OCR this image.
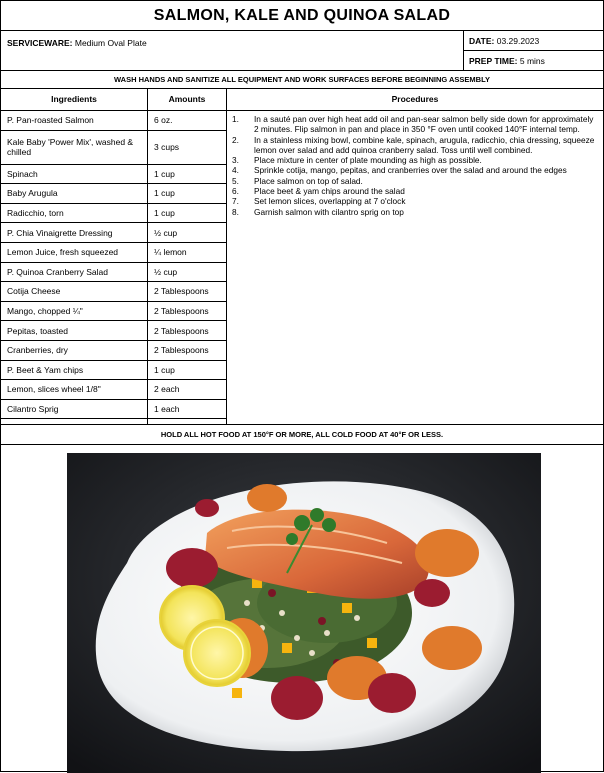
SALMON, KALE AND QUINOA SALAD
SERVICEWARE: Medium Oval Plate	DATE: 03.29.2023
PREP TIME: 5 mins
WASH HANDS AND SANITIZE ALL EQUIPMENT AND WORK SURFACES BEFORE BEGINNING ASSEMBLY
Ingredients
P. Pan-roasted Salmon
Kale Baby 'Power Mix', washed & chilled
Spinach
Baby Arugula
Radicchio, torn
P. Chia Vinaigrette Dressing
Lemon Juice, fresh squeezed
P. Quinoa Cranberry Salad
Cotija Cheese
Mango, chopped ¼"
Pepitas, toasted
Cranberries, dry
P. Beet & Yam chips
Lemon, slices wheel 1/8"
Cilantro Sprig
Amounts
6 oz.
3 cups
1 cup
1 cup
1 cup
½ cup
¼ lemon
½ cup
2 Tablespoons
2 Tablespoons
2 Tablespoons
2 Tablespoons
1 cup
2 each
1 each
Procedures
1. In a sauté pan over high heat add oil and pan-sear salmon belly side down for approximately 2 minutes. Flip salmon in pan and place in 350 °F oven until cooked 140°F internal temp.
2. In a stainless mixing bowl, combine kale, spinach, arugula, radicchio, chia dressing, squeeze lemon over salad and add quinoa cranberry salad. Toss until well combined.
3. Place mixture in center of plate mounding as high as possible.
4. Sprinkle cotija, mango, pepitas, and cranberries over the salad and around the edges
5. Place salmon on top of salad.
6. Place beet & yam chips around the salad
7. Set lemon slices, overlapping at 7 o'clock
8. Garnish salmon with cilantro sprig on top
HOLD ALL HOT FOOD AT 150°F OR MORE, ALL COLD FOOD AT 40°F OR LESS.
